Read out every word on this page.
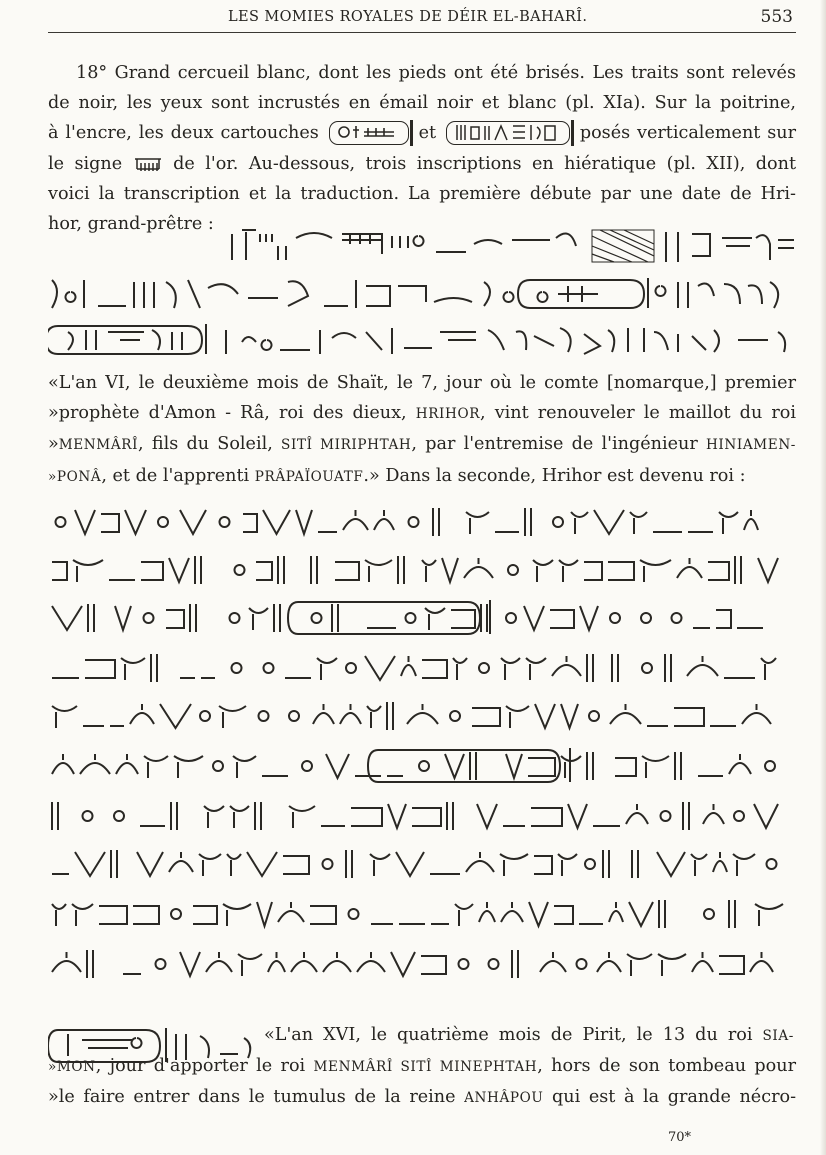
LES MOMIES ROYALES DE DÉIR EL-BAHARÎ.	553
18° Grand cercueil blanc, dont les pieds ont été brisés. Les traits sont relevés
de noir, les yeux sont incrustés en émail noir et blanc (pl. XIa). Sur la poitrine,
à l'encre, les deux cartouches	et	posés verticalement sur
le signe	de l'or. Au-dessous, trois inscriptions en hiératique (pl. XII), dont
voici la transcription et la traduction. La première débute par une date de Hri-
hor, grand-prêtre :
«L'an VI, le deuxième mois de Shaït, le 7, jour où le comte [nomarque,] premier
»prophète d'Amon - Râ, roi des dieux, HRIHOR, vint renouveler le maillot du roi
»MENMÂRÎ, fils du Soleil, SITÎ MIRIPHTAH, par l'entremise de l'ingénieur HINIAMEN-
»PONÂ, et de l'apprenti PRÂPAÏOUATF.» Dans la seconde, Hrihor est devenu roi :
«L'an XVI, le quatrième mois de Pirit, le 13 du roi SIA-
»MON, jour d'apporter le roi MENMÂRÎ SITÎ MINEPHTAH, hors de son tombeau pour
»le faire entrer dans le tumulus de la reine ANHÂPOU qui est à la grande nécro-
70*
